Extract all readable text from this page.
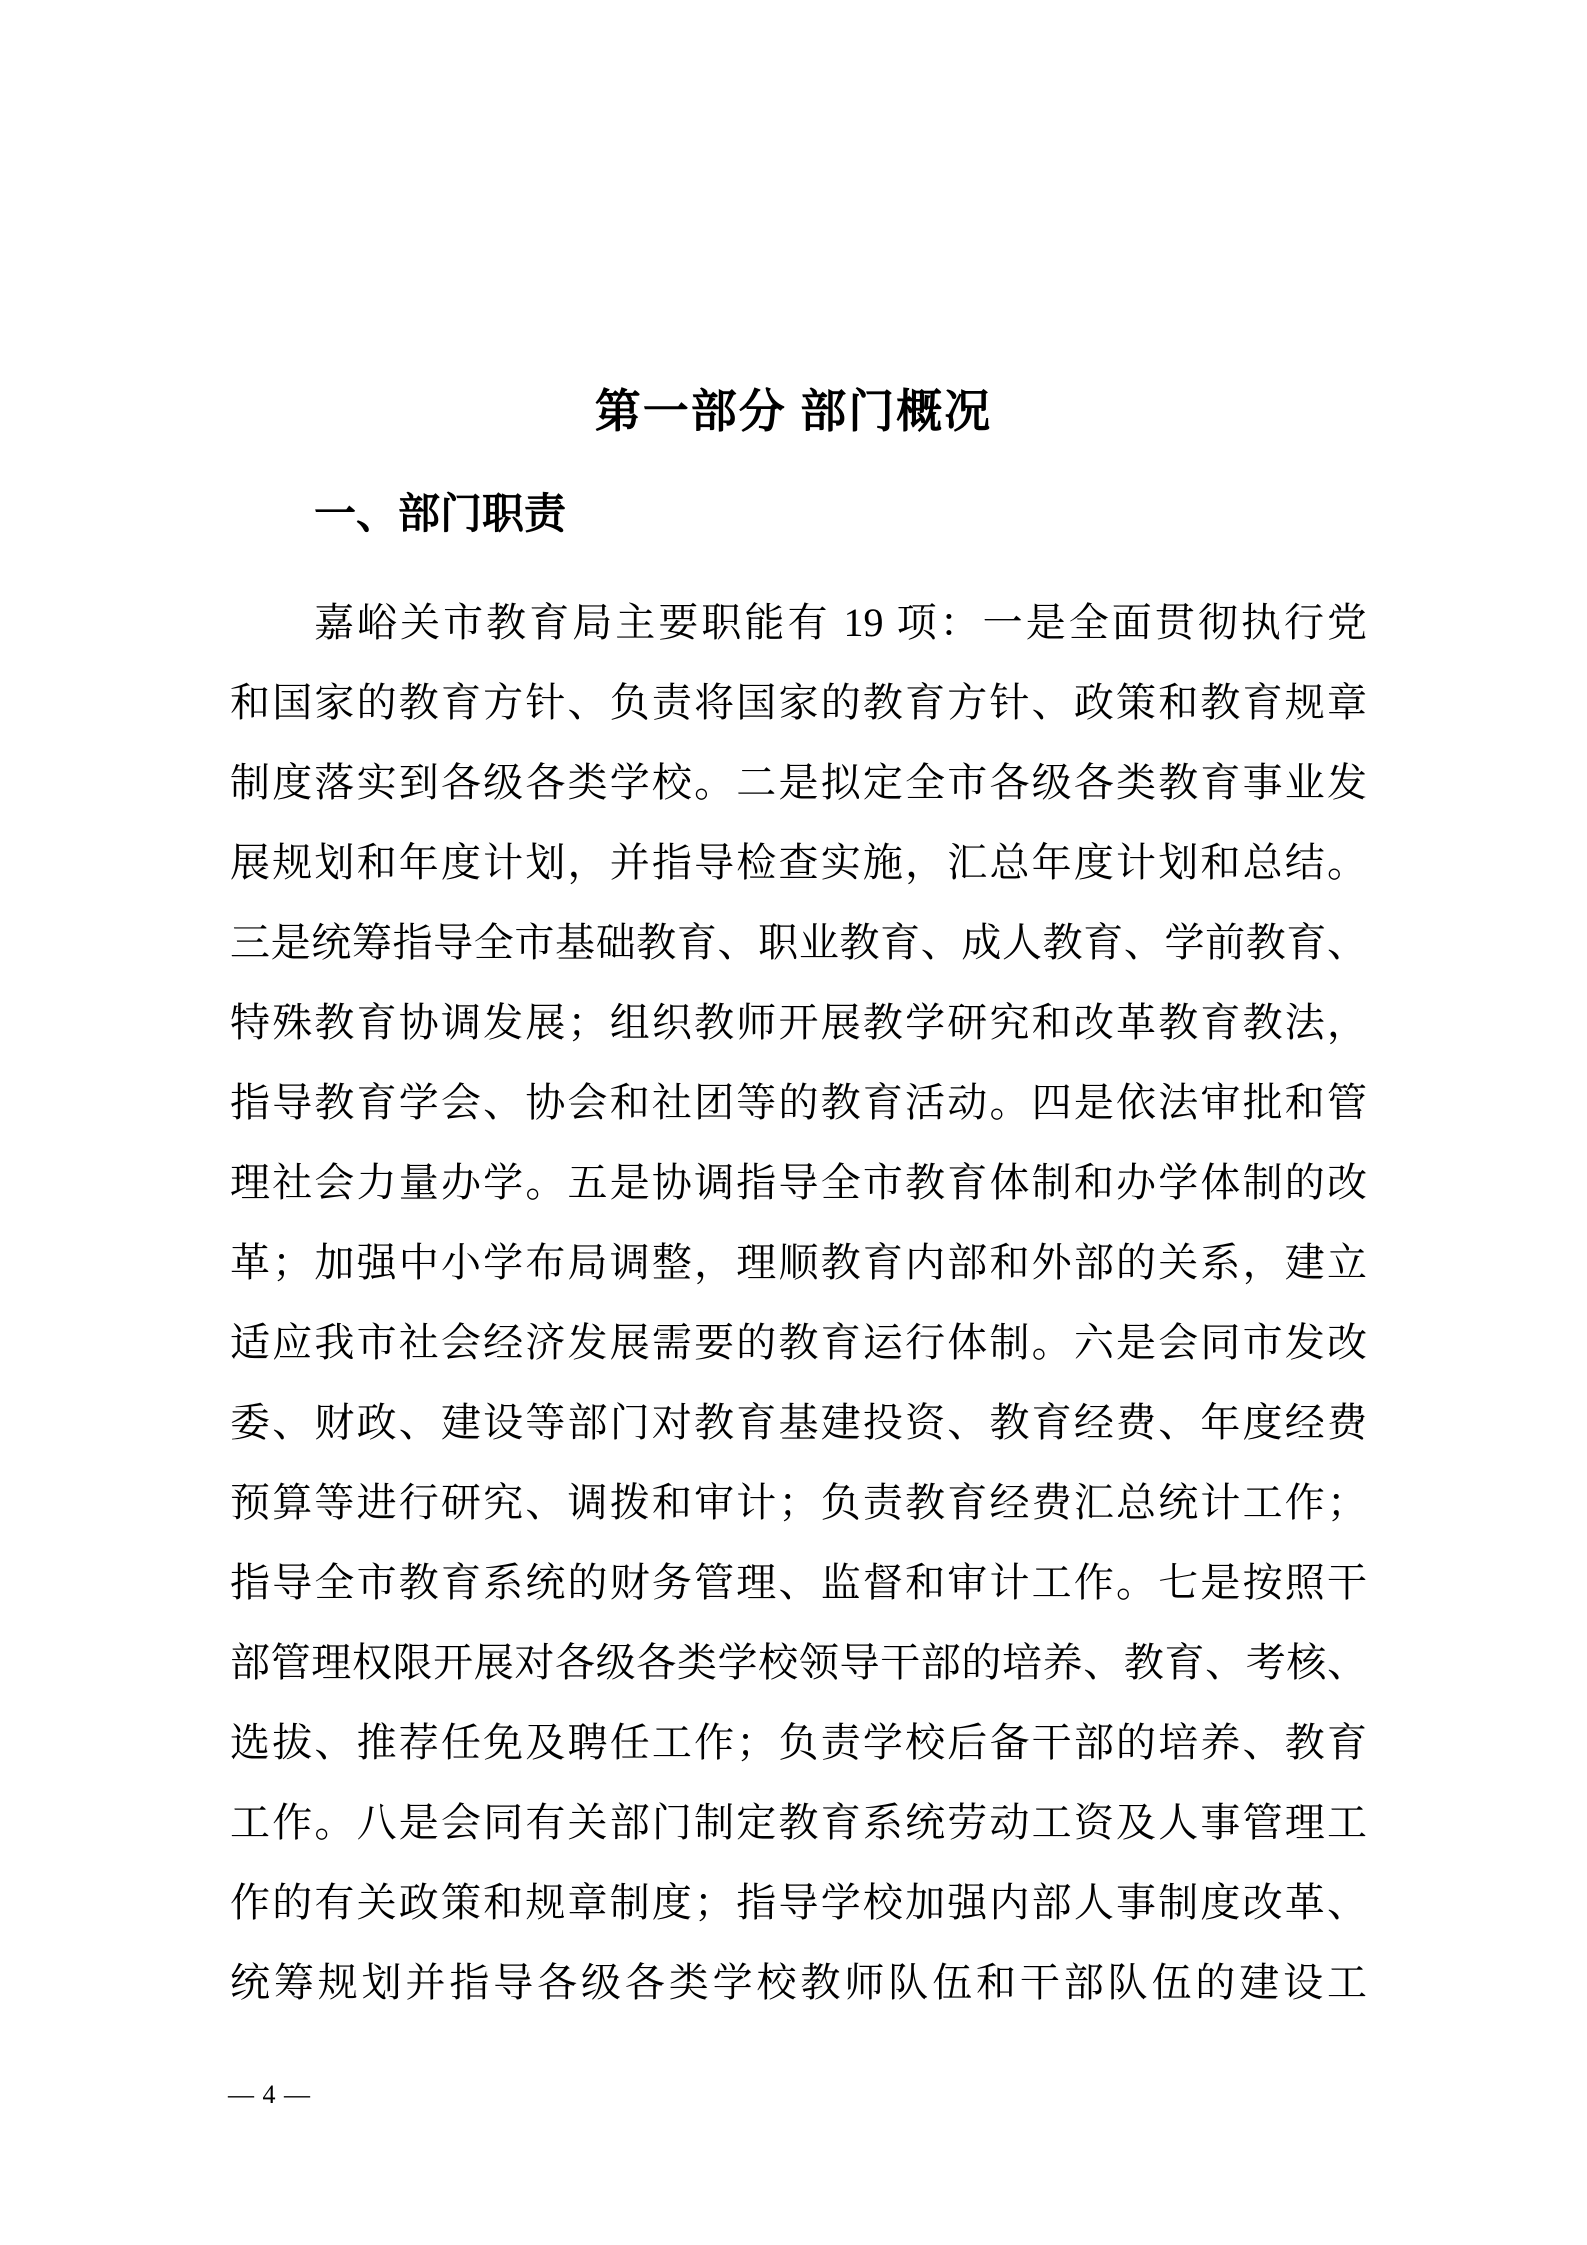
第一部分 部门概况
一、部门职责
嘉峪关市教育局主要职能有 19 项：一是全面贯彻执行党
和国家的教育方针、负责将国家的教育方针、政策和教育规章
制度落实到各级各类学校。二是拟定全市各级各类教育事业发
展规划和年度计划，并指导检查实施，汇总年度计划和总结。
三是统筹指导全市基础教育、职业教育、成人教育、学前教育、
特殊教育协调发展；组织教师开展教学研究和改革教育教法，
指导教育学会、协会和社团等的教育活动。四是依法审批和管
理社会力量办学。五是协调指导全市教育体制和办学体制的改
革；加强中小学布局调整，理顺教育内部和外部的关系，建立
适应我市社会经济发展需要的教育运行体制。六是会同市发改
委、财政、建设等部门对教育基建投资、教育经费、年度经费
预算等进行研究、调拨和审计；负责教育经费汇总统计工作；
指导全市教育系统的财务管理、监督和审计工作。七是按照干
部管理权限开展对各级各类学校领导干部的培养、教育、考核、
选拔、推荐任免及聘任工作；负责学校后备干部的培养、教育
工作。八是会同有关部门制定教育系统劳动工资及人事管理工
作的有关政策和规章制度；指导学校加强内部人事制度改革、
统筹规划并指导各级各类学校教师队伍和干部队伍的建设工
— 4 —
